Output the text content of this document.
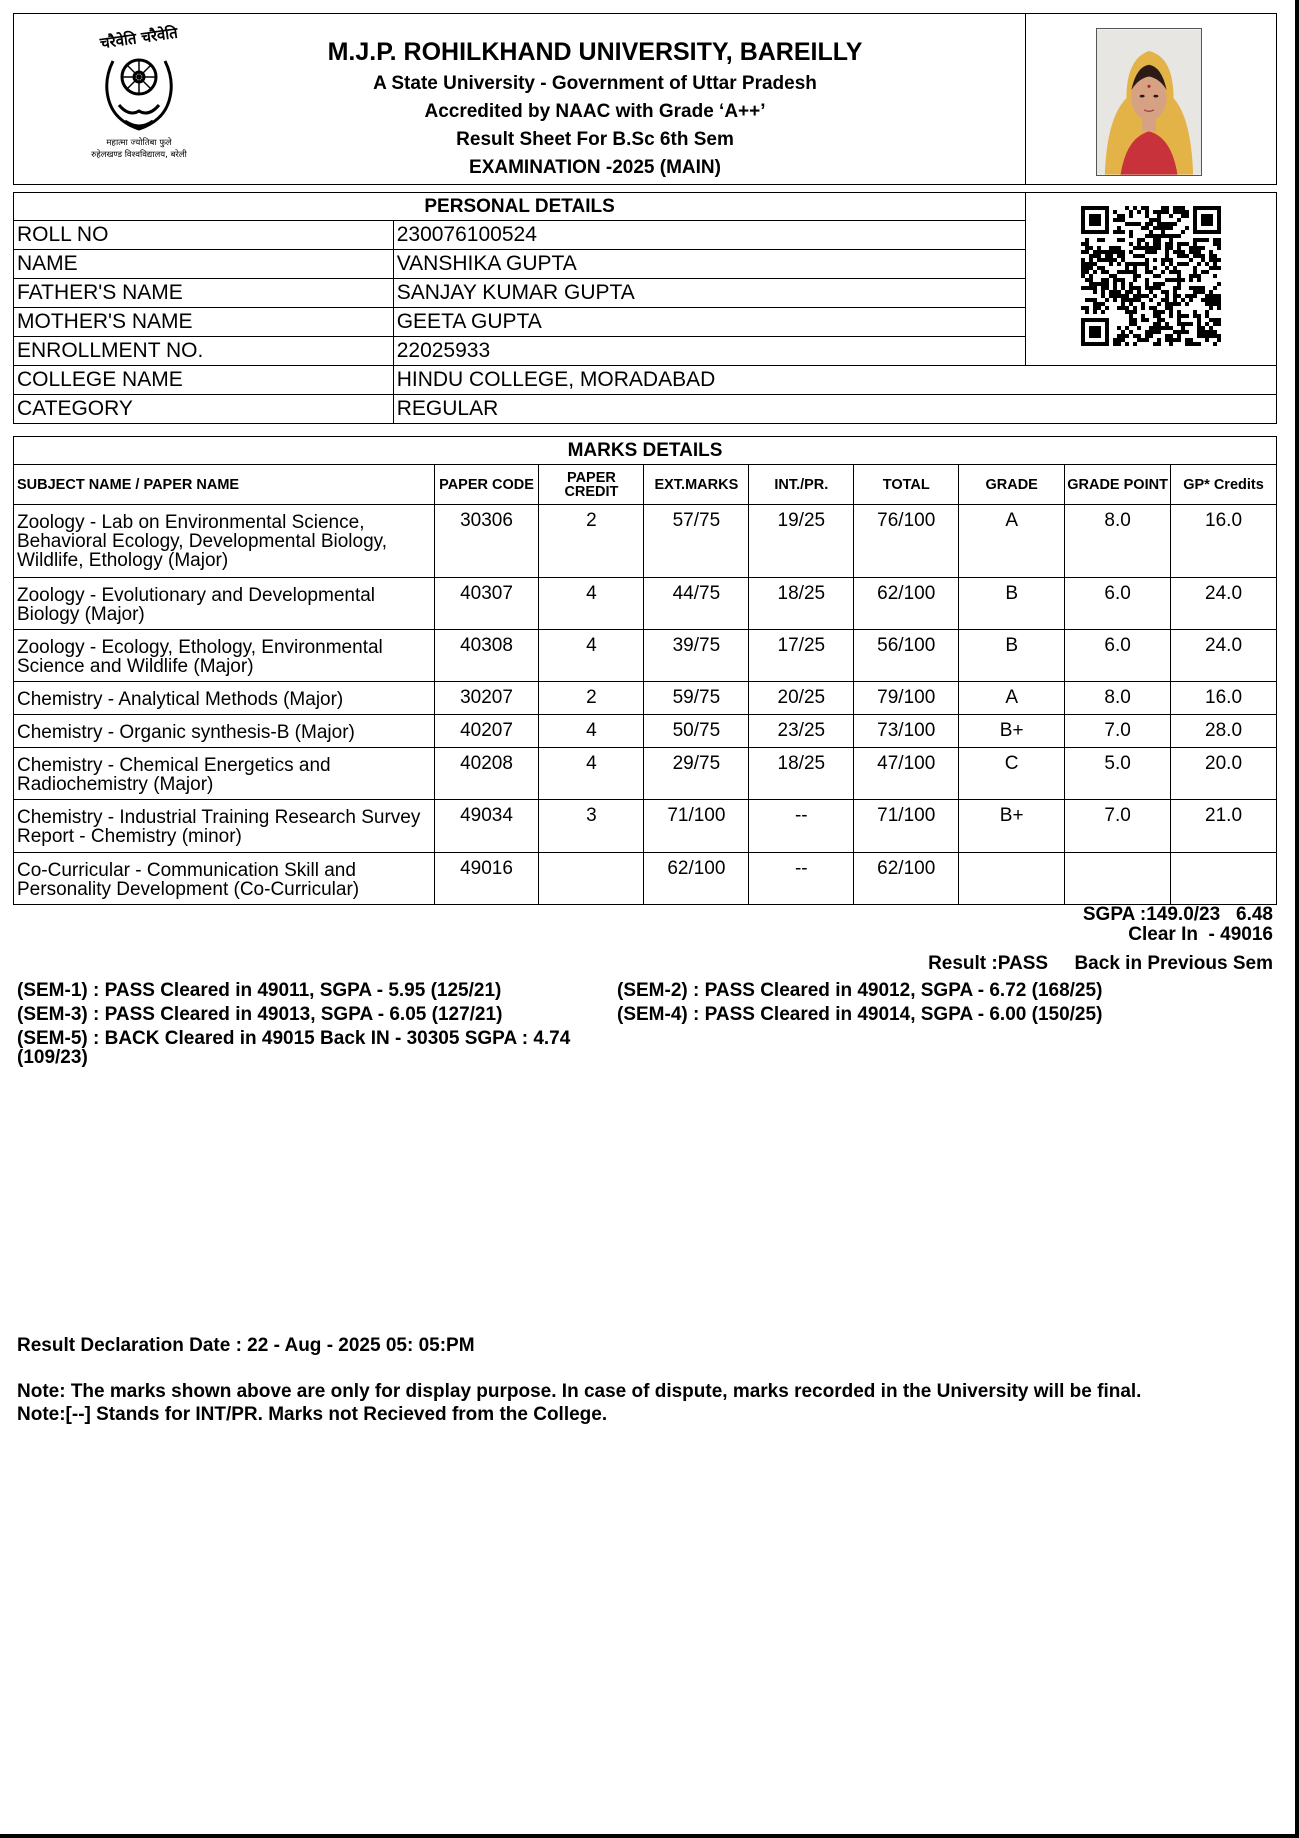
चरैवेति चरैवेति
महात्मा ज्योतिबा फुले
रुहेलखण्ड विश्वविद्यालय, बरेली
M.J.P. ROHILKHAND UNIVERSITY, BAREILLY
A State University - Government of Uttar Pradesh
Accredited by NAAC with Grade ‘A++’
Result Sheet For B.Sc 6th Sem
EXAMINATION -2025 (MAIN)
PERSONAL DETAILS	
ROLL NO	230076100524	
NAME	VANSHIKA GUPTA	
FATHER'S NAME	SANJAY KUMAR GUPTA	
MOTHER'S NAME	GEETA GUPTA	
ENROLLMENT NO.	22025933	
COLLEGE NAME	HINDU COLLEGE, MORADABAD	
CATEGORY	REGULAR	
MARKS DETAILS								
SUBJECT NAME / PAPER NAME	PAPER CODE	PAPER CREDIT	EXT.MARKS	INT./PR.	TOTAL	GRADE	GRADE POINT	GP* Credits
Zoology - Lab on Environmental Science, Behavioral Ecology, Developmental Biology, Wildlife, Ethology (Major)	30306	2	57/75	19/25	76/100	A	8.0	16.0
Zoology - Evolutionary and Developmental Biology (Major)	40307	4	44/75	18/25	62/100	B	6.0	24.0
Zoology - Ecology, Ethology, Environmental Science and Wildlife (Major)	40308	4	39/75	17/25	56/100	B	6.0	24.0
Chemistry - Analytical Methods (Major)	30207	2	59/75	20/25	79/100	A	8.0	16.0
Chemistry - Organic synthesis-B (Major)	40207	4	50/75	23/25	73/100	B+	7.0	28.0
Chemistry - Chemical Energetics and Radiochemistry (Major)	40208	4	29/75	18/25	47/100	C	5.0	20.0
Chemistry - Industrial Training Research Survey Report - Chemistry (minor)	49034	3	71/100	--	71/100	B+	7.0	21.0
Co-Curricular - Communication Skill and Personality Development (Co-Curricular)	49016		62/100	--	62/100			
SGPA :149.0/23   6.48
Clear In  - 49016
Result :PASS     Back in Previous Sem
(SEM-1) : PASS Cleared in 49011, SGPA - 5.95 (125/21)	(SEM-2) : PASS Cleared in 49012, SGPA - 6.72 (168/25)
(SEM-3) : PASS Cleared in 49013, SGPA - 6.05 (127/21)	(SEM-4) : PASS Cleared in 49014, SGPA - 6.00 (150/25)
(SEM-5) : BACK Cleared in 49015 Back IN - 30305 SGPA : 4.74 (109/23)
Result Declaration Date : 22 - Aug - 2025 05: 05:PM
Note: The marks shown above are only for display purpose. In case of dispute, marks recorded in the University will be final.
Note:[--] Stands for INT/PR. Marks not Recieved from the College.
